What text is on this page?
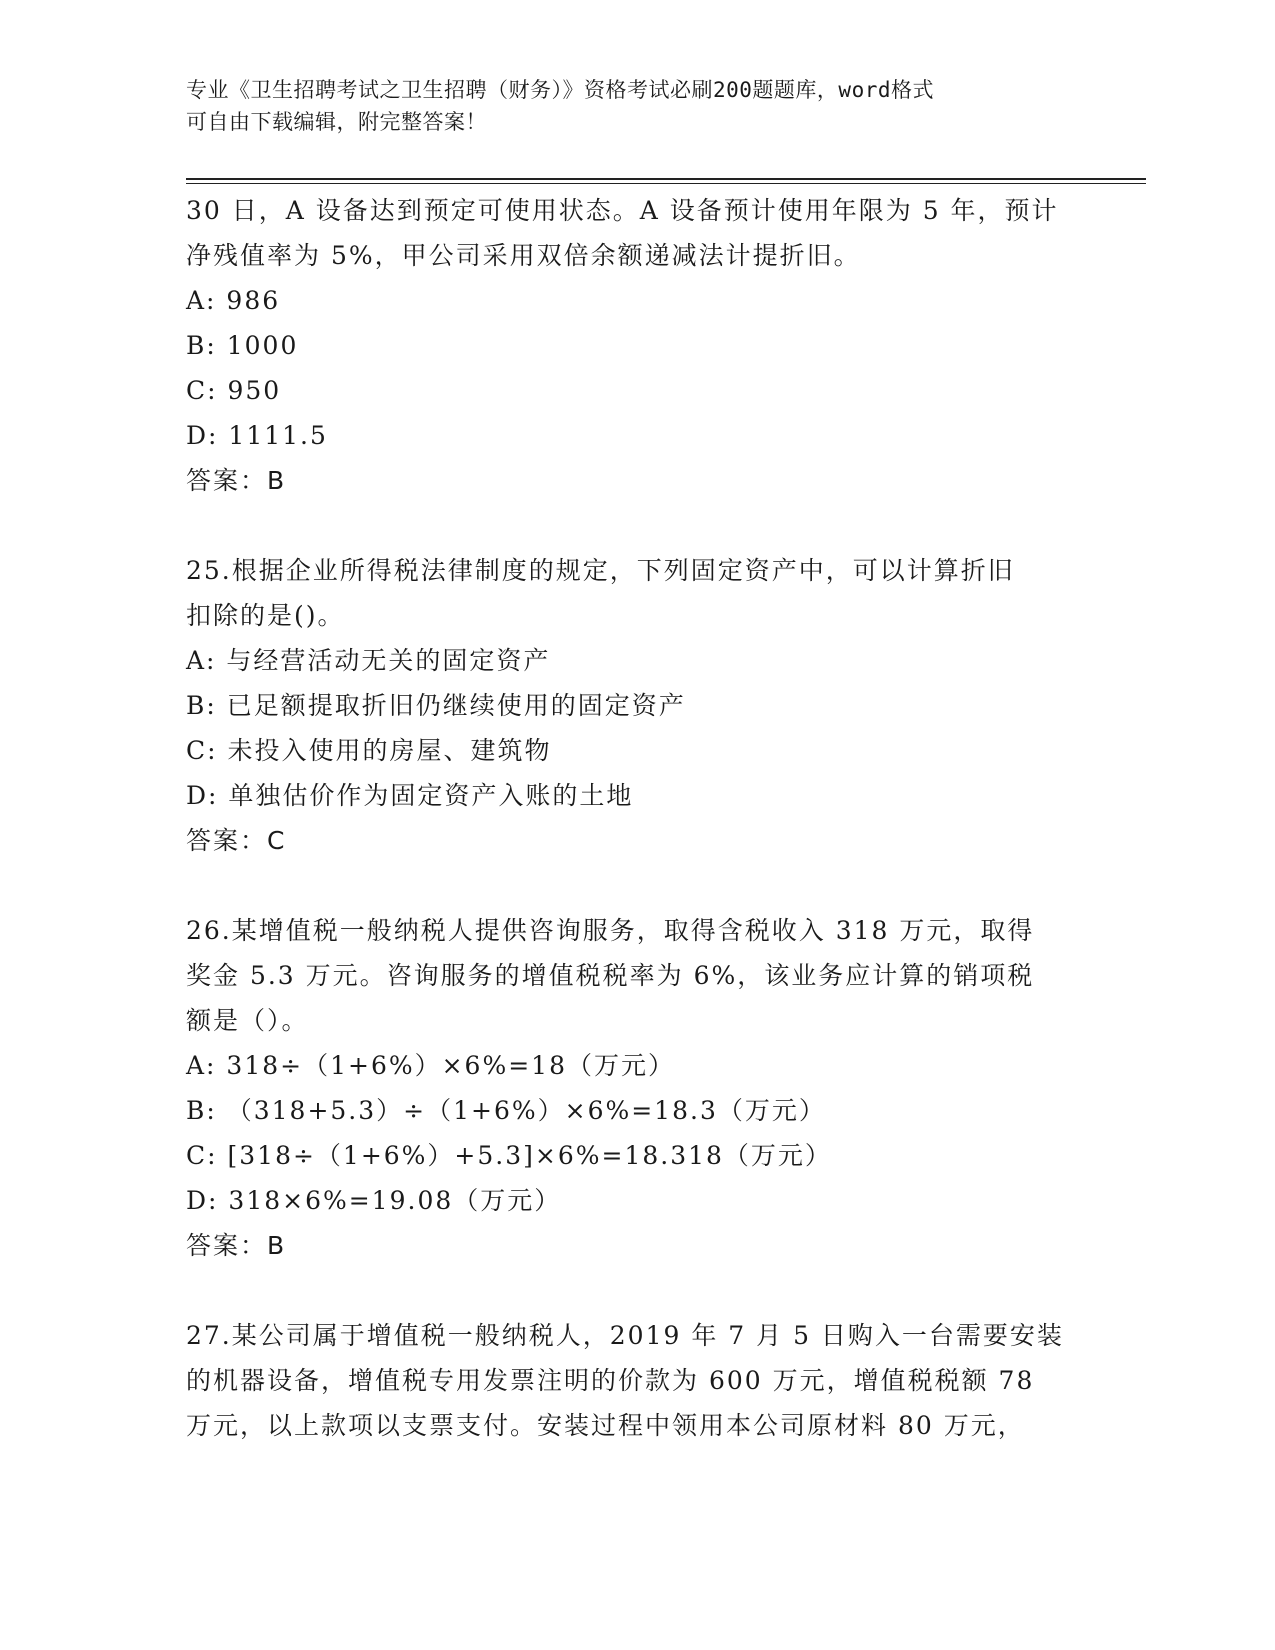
专业《卫生招聘考试之卫生招聘（财务）》资格考试必刷200题题库，word格式
可自由下载编辑，附完整答案！

30 日，A 设备达到预定可使用状态。A 设备预计使用年限为 5 年，预计

净残值率为 5%，甲公司采用双倍余额递减法计提折旧。

A: 986

B: 1000

C: 950

D: 1111.5

答案：B

25.根据企业所得税法律制度的规定，下列固定资产中，可以计算折旧

扣除的是()。

A: 与经营活动无关的固定资产

B: 已足额提取折旧仍继续使用的固定资产

C: 未投入使用的房屋、建筑物

D: 单独估价作为固定资产入账的土地

答案：C

26.某增值税一般纳税人提供咨询服务，取得含税收入 318 万元，取得

奖金 5.3 万元。咨询服务的增值税税率为 6%，该业务应计算的销项税

额是（）。

A: 318÷（1+6%）×6%=18（万元）

B: （318+5.3）÷（1+6%）×6%=18.3（万元）

C: [318÷（1+6%）+5.3]×6%=18.318（万元）

D: 318×6%=19.08（万元）

答案：B

27.某公司属于增值税一般纳税人，2019 年 7 月 5 日购入一台需要安装

的机器设备，增值税专用发票注明的价款为 600 万元，增值税税额 78

万元，以上款项以支票支付。安装过程中领用本公司原材料 80 万元，
